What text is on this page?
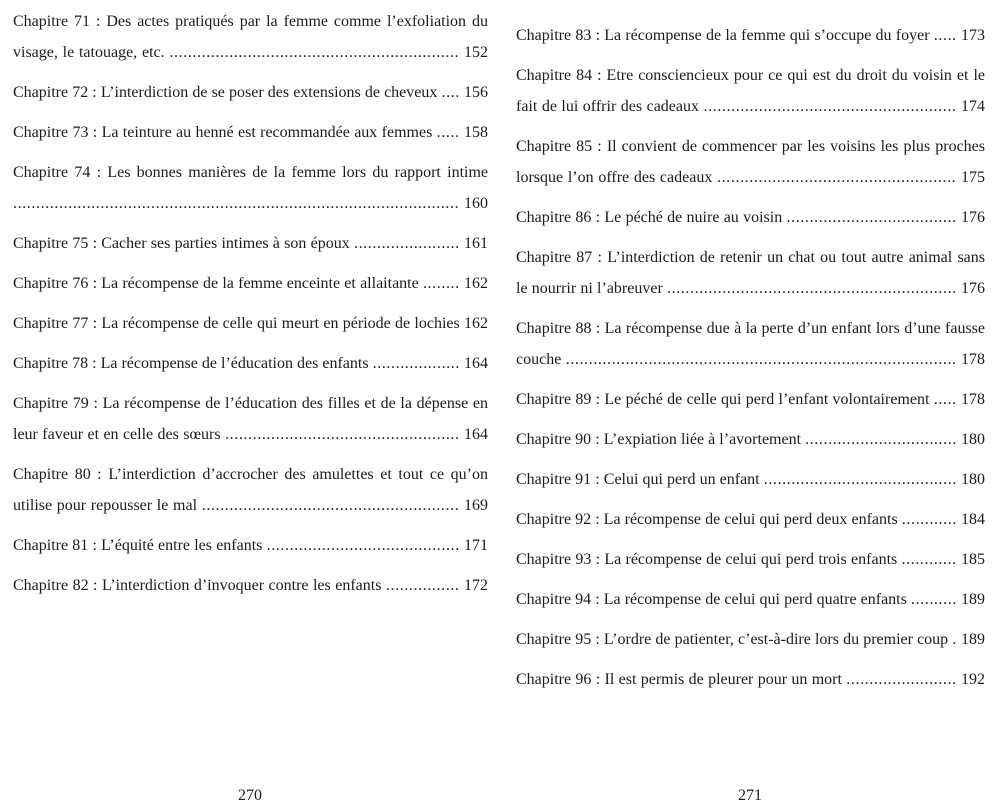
Chapitre 71 : Des actes pratiqués par la femme comme l’exfoliation du visage, le tatouage, etc. ............................................................... 152

Chapitre 72 : L’interdiction de se poser des extensions de cheveux .... 156

Chapitre 73 : La teinture au henné est recommandée aux femmes ..... 158

Chapitre 74 : Les bonnes manières de la femme lors du rapport intime ................................................................................................. 160

Chapitre 75 : Cacher ses parties intimes à son époux ....................... 161

Chapitre 76 : La récompense de la femme enceinte et allaitante ........ 162

Chapitre 77 : La récompense de celle qui meurt en période de lochies 162

Chapitre 78 : La récompense de l’éducation des enfants ................... 164

Chapitre 79 : La récompense de l’éducation des filles et de la dépense en leur faveur et en celle des sœurs ................................................... 164

Chapitre 80 : L’interdiction d’accrocher des amulettes et tout ce qu’on utilise pour repousser le mal ........................................................ 169

Chapitre 81 : L’équité entre les enfants .......................................... 171

Chapitre 82 : L’interdiction d’invoquer contre les enfants ................ 172

270

Chapitre 83 : La récompense de la femme qui s’occupe du foyer ..... 173

Chapitre 84 : Etre consciencieux pour ce qui est du droit du voisin et le fait de lui offrir des cadeaux ....................................................... 174

Chapitre 85 : Il convient de commencer par les voisins les plus proches lorsque l’on offre des cadeaux .................................................... 175

Chapitre 86 : Le péché de nuire au voisin ..................................... 176

Chapitre 87 : L’interdiction de retenir un chat ou tout autre animal sans le nourrir ni l’abreuver ............................................................... 176

Chapitre 88 : La récompense due à la perte d’un enfant lors d’une fausse couche ..................................................................................... 178

Chapitre 89 : Le péché de celle qui perd l’enfant volontairement ..... 178

Chapitre 90 : L’expiation liée à l’avortement ................................. 180

Chapitre 91 : Celui qui perd un enfant .......................................... 180

Chapitre 92 : La récompense de celui qui perd deux enfants ............ 184

Chapitre 93 : La récompense de celui qui perd trois enfants ............ 185

Chapitre 94 : La récompense de celui qui perd quatre enfants .......... 189

Chapitre 95 : L’ordre de patienter, c’est-à-dire lors du premier coup . 189

Chapitre 96 : Il est permis de pleurer pour un mort ........................ 192

271
